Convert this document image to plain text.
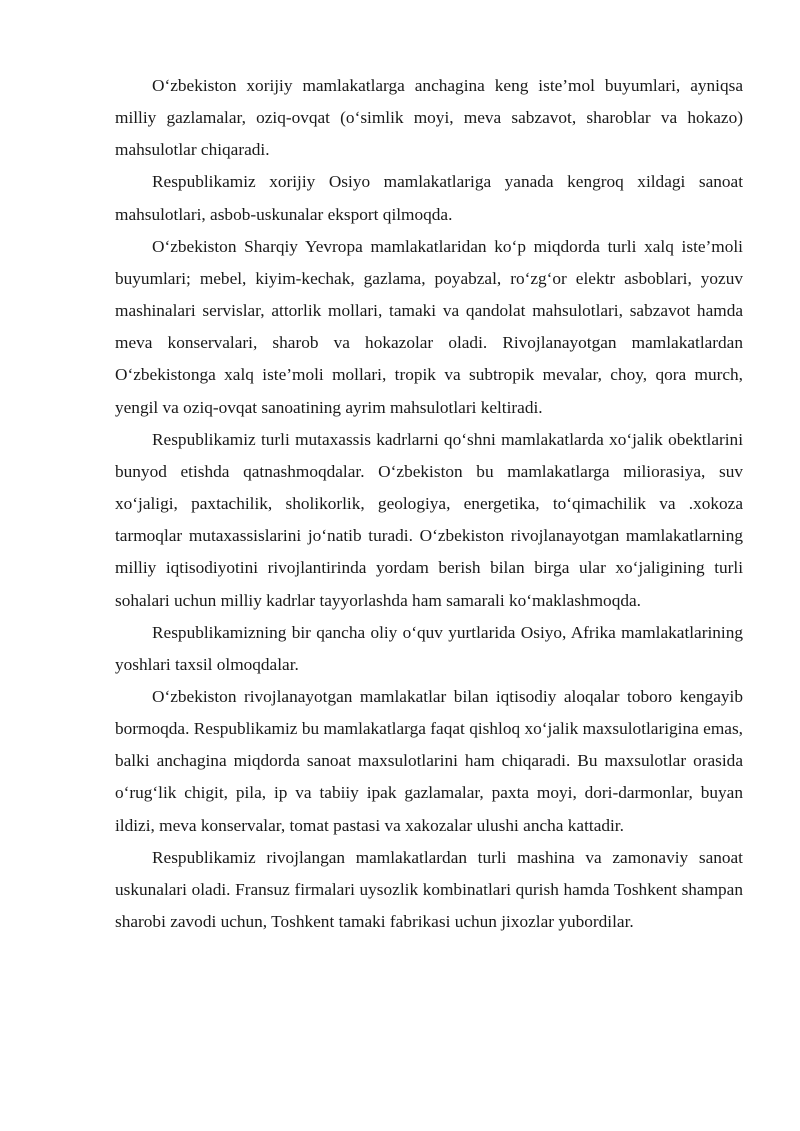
O‘zbekiston xorijiy mamlakatlarga anchagina keng iste’mol buyumlari, ayniqsa milliy gazlamalar, oziq-ovqat (o‘simlik moyi, meva sabzavot, sharoblar va hokazo) mahsulotlar chiqaradi.

Respublikamiz xorijiy Osiyo mamlakatlariga yanada kengroq xildagi sanoat mahsulotlari, asbob-uskunalar eksport qilmoqda.

O‘zbekiston Sharqiy Yevropa mamlakatlaridan ko‘p miqdorda turli xalq iste’moli buyumlari; mebel, kiyim-kechak, gazlama, poyabzal, ro‘zg‘or elektr asboblari, yozuv mashinalari servislar, attorlik mollari, tamaki va qandolat mahsulotlari, sabzavot hamda meva konservalari, sharob va hokazolar oladi. Rivojlanayotgan mamlakatlardan O‘zbekistonga xalq iste’moli mollari, tropik va subtropik mevalar, choy, qora murch, yengil va oziq-ovqat sanoatining ayrim mahsulotlari keltiradi.

Respublikamiz turli mutaxassis kadrlarni qo‘shni mamlakatlarda xo‘jalik obektlarini bunyod etishda qatnashmoqdalar. O‘zbekiston bu mamlakatlarga miliorasiya, suv xo‘jaligi, paxtachilik, sholikorlik, geologiya, energetika, to‘qimachilik va .xokoza tarmoqlar mutaxassislarini jo‘natib turadi. O‘zbekiston rivojlanayotgan mamlakatlarning milliy iqtisodiyotini rivojlantirinda yordam berish bilan birga ular xo‘jaligining turli sohalari uchun milliy kadrlar tayyorlashda ham samarali ko‘maklashmoqda.

Respublikamizning bir qancha oliy o‘quv yurtlarida Osiyo, Afrika mamlakatlarining yoshlari taxsil olmoqdalar.

O‘zbekiston rivojlanayotgan mamlakatlar bilan iqtisodiy aloqalar toboro kengayib bormoqda. Respublikamiz bu mamlakatlarga faqat qishloq xo‘jalik maxsulotlarigina emas, balki anchagina miqdorda sanoat maxsulotlarini ham chiqaradi. Bu maxsulotlar orasida o‘rug‘lik chigit, pila, ip va tabiiy ipak gazlamalar, paxta moyi, dori-darmonlar, buyan ildizi, meva konservalar, tomat pastasi va xakozalar ulushi ancha kattadir.

Respublikamiz rivojlangan mamlakatlardan turli mashina va zamonaviy sanoat uskunalari oladi. Fransuz firmalari uysozlik kombinatlari qurish hamda Toshkent shampan sharobi zavodi uchun, Toshkent tamaki fabrikasi uchun jixozlar yubordilar.
